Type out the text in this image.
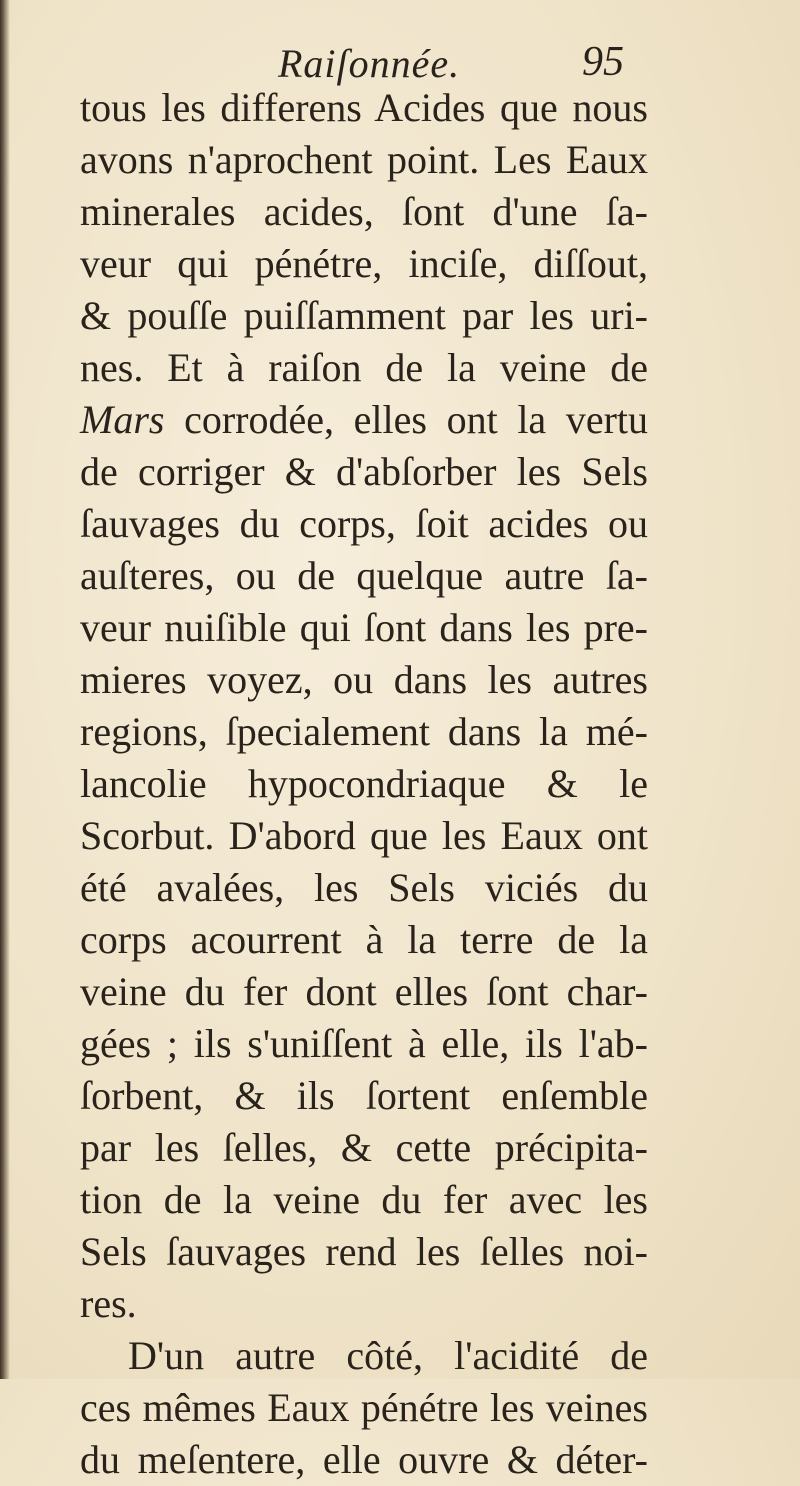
Raiſonnée.	95
tous les differens Acides que nous
avons n'aprochent point. Les Eaux
minerales acides, ſont d'une ſa-
veur qui pénétre, inciſe, diſſout,
& pouſſe puiſſamment par les uri-
nes. Et à raiſon de la veine de
Mars corrodée, elles ont la vertu
de corriger & d'abſorber les Sels
ſauvages du corps, ſoit acides ou
auſteres, ou de quelque autre ſa-
veur nuiſible qui ſont dans les pre-
mieres voyez, ou dans les autres
regions, ſpecialement dans la mé-
lancolie hypocondriaque & le
Scorbut. D'abord que les Eaux ont
été avalées, les Sels viciés du
corps acourrent à la terre de la
veine du fer dont elles ſont char-
gées ; ils s'uniſſent à elle, ils l'ab-
ſorbent, & ils ſortent enſemble
par les ſelles, & cette précipita-
tion de la veine du fer avec les
Sels ſauvages rend les ſelles noi-
res.
D'un autre côté, l'acidité de
ces mêmes Eaux pénétre les veines
du meſentere, elle ouvre & déter-
